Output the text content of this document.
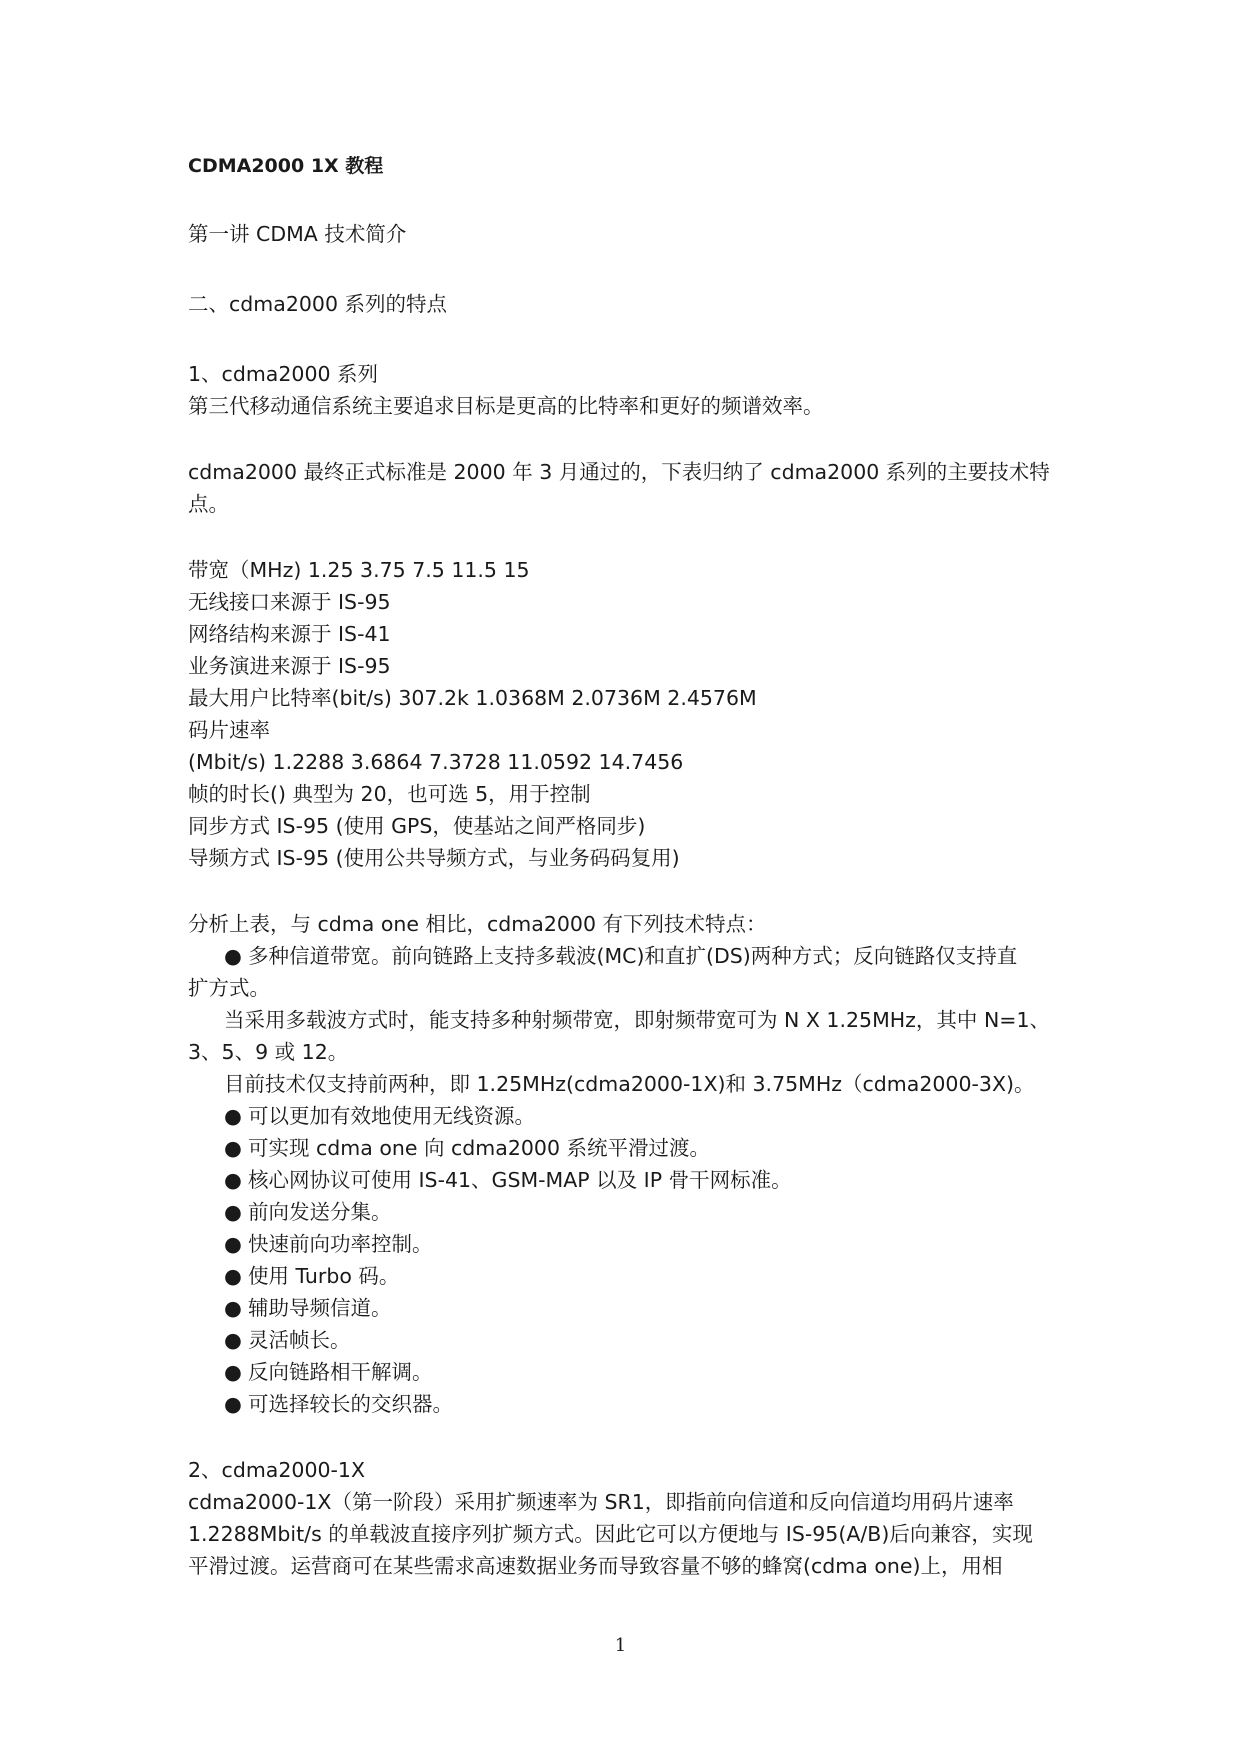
CDMA2000 1X 教程
第一讲 CDMA 技术简介
二、cdma2000 系列的特点
1、cdma2000 系列
第三代移动通信系统主要追求目标是更高的比特率和更好的频谱效率。
cdma2000 最终正式标准是 2000 年 3 月通过的，下表归纳了 cdma2000 系列的主要技术特
点。
带宽（MHz) 1.25 3.75 7.5 11.5 15
无线接口来源于 IS-95
网络结构来源于 IS-41
业务演进来源于 IS-95
最大用户比特率(bit/s) 307.2k 1.0368M 2.0736M 2.4576M
码片速率
(Mbit/s) 1.2288 3.6864 7.3728 11.0592 14.7456
帧的时长() 典型为 20，也可选 5，用于控制
同步方式 IS-95 (使用 GPS，使基站之间严格同步)
导频方式 IS-95 (使用公共导频方式，与业务码码复用)
分析上表，与 cdma one 相比，cdma2000 有下列技术特点：
● 多种信道带宽。前向链路上支持多载波(MC)和直扩(DS)两种方式；反向链路仅支持直
扩方式。
当采用多载波方式时，能支持多种射频带宽，即射频带宽可为 N X 1.25MHz，其中 N=1、
3、5、9 或 12。
目前技术仅支持前两种，即 1.25MHz(cdma2000-1X)和 3.75MHz（cdma2000-3X)。
● 可以更加有效地使用无线资源。
● 可实现 cdma one 向 cdma2000 系统平滑过渡。
● 核心网协议可使用 IS-41、GSM-MAP 以及 IP 骨干网标准。
● 前向发送分集。
● 快速前向功率控制。
● 使用 Turbo 码。
● 辅助导频信道。
● 灵活帧长。
● 反向链路相干解调。
● 可选择较长的交织器。
2、cdma2000-1X
cdma2000-1X（第一阶段）采用扩频速率为 SR1，即指前向信道和反向信道均用码片速率
1.2288Mbit/s 的单载波直接序列扩频方式。因此它可以方便地与 IS-95(A/B)后向兼容，实现
平滑过渡。运营商可在某些需求高速数据业务而导致容量不够的蜂窝(cdma one)上，用相
1
